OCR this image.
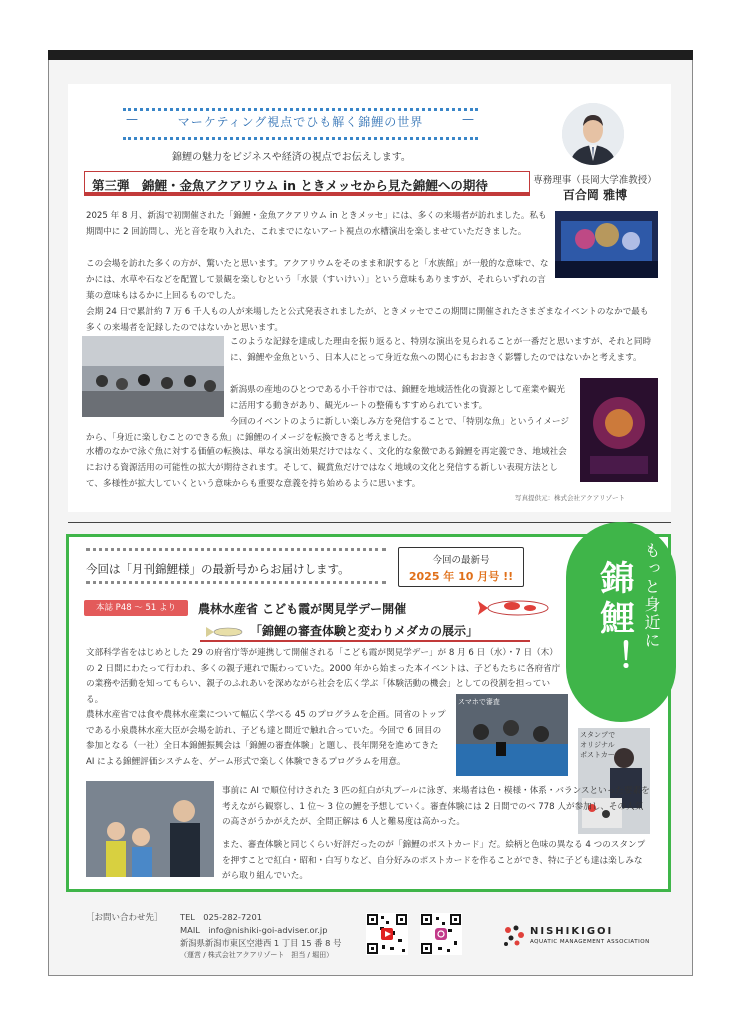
マーケティング視点でひも解く錦鯉の世界
—	—
錦鯉の魅力をビジネスや経済の視点でお伝えします。
第三弾　錦鯉・金魚アクアリウム in ときメッセから見た錦鯉への期待	専務理事（長岡大学准教授）
百合岡 雅博

2025 年 8 月、新潟で初開催された「錦鯉・金魚アクアリウム in ときメッセ」には、多くの来場者が訪れました。私も期間中に 2 回訪問し、光と音を取り入れた、これまでにないアート視点の水槽演出を楽しませていただきました。

この会場を訪れた多くの方が、驚いたと思います。アクアリウムをそのまま和訳すると「水族館」が一般的な意味で、なかには、水草や石などを配置して景観を楽しむという「水景（すいけい）」という意味もありますが、それらいずれの言葉の意味もはるかに上回るものでした。

会期 24 日で累計約 7 万 6 千人もの人が来場したと公式発表されましたが、ときメッセでこの期間に開催されたさまざまなイベントのなかで最も多くの来場者を記録したのではないかと思います。

このような記録を達成した理由を振り返ると、特別な演出を見られることが一番だと思いますが、それと同時に、錦鯉や金魚という、日本人にとって身近な魚への関心にもおおきく影響したのではないかと考えます。

新潟県の産地のひとつである小千谷市では、錦鯉を地域活性化の資源として産業や観光に活用する動きがあり、観光ルートの整備もすすめられています。

今回のイベントのように新しい楽しみ方を発信することで、「特別な魚」というイメージから、「身近に楽しむことのできる魚」に錦鯉のイメージを転換できると考えました。

水槽のなかで泳ぐ魚に対する価値の転換は、単なる演出効果だけではなく、文化的な象徴である錦鯉を再定義でき、地域社会における資源活用の可能性の拡大が期待されます。そして、観賞魚だけではなく地域の文化と発信する新しい表現方法として、多様性が拡大していくという意味からも重要な意義を持ち始めるように思います。

写真提供元：株式会社アクアリゾート
もっと身近に
錦鯉！
今回は「月刊錦鯉様」の最新号からお届けします。
今回の最新号
2025 年 10 月号 !!
本誌 P48 ～ 51 より	農林水産省 こども霞が関見学デー開催
「錦鯉の審査体験と変わりメダカの展示」

文部科学省をはじめとした 29 の府省庁等が連携して開催される「こども霞が関見学デー」が 8 月 6 日（水）・7 日（木）の 2 日間にわたって行われ、多くの親子連れで賑わっていた。2000 年から始まった本イベントは、子どもたちに各府省庁の業務や活動を知ってもらい、親子のふれあいを深めながら社会を広く学ぶ「体験活動の機会」としての役割を担っている。

農林水産省では食や農林水産業について幅広く学べる 45 のプログラムを企画。同省のトップである小泉農林水産大臣が会場を訪れ、子ども達と間近で触れ合っていた。今回で 6 回目の参加となる（一社）全日本錦鯉振興会は「錦鯉の審査体験」と題し、長年開発を進めてきた AI による錦鯉評価システムを、ゲーム形式で楽しく体験できるプログラムを用意。

スマホで審査
スタンプで
オリジナル
ポストカード

事前に AI で順位付けされた 3 匹の紅白が丸プールに泳ぎ、来場者は色・模様・体系・バランスといった要素を考えながら観察し、1 位～ 3 位の鯉を予想していく。審査体験には 2 日間でのべ 778 人が参加し、その人気の高さがうかがえたが、全問正解は 6 人と難易度は高かった。

また、審査体験と同じくらい好評だったのが「錦鯉のポストカード」だ。絵柄と色味の異なる 4 つのスタンプを押すことで紅白・昭和・白写りなど、自分好みのポストカードを作ることができ、特に子ども達は楽しみながら取り組んでいた。

［お問い合わせ先］ TEL　025-282-7201
MAIL　info@nishiki-goi-adviser.or.jp
新潟県新潟市東区空港西 1 丁目 15 番 8 号
（運営 / 株式会社アクアリゾート　担当 / 堀田）
NISHIKIGOI
AQUATIC MANAGEMENT ASSOCIATION
